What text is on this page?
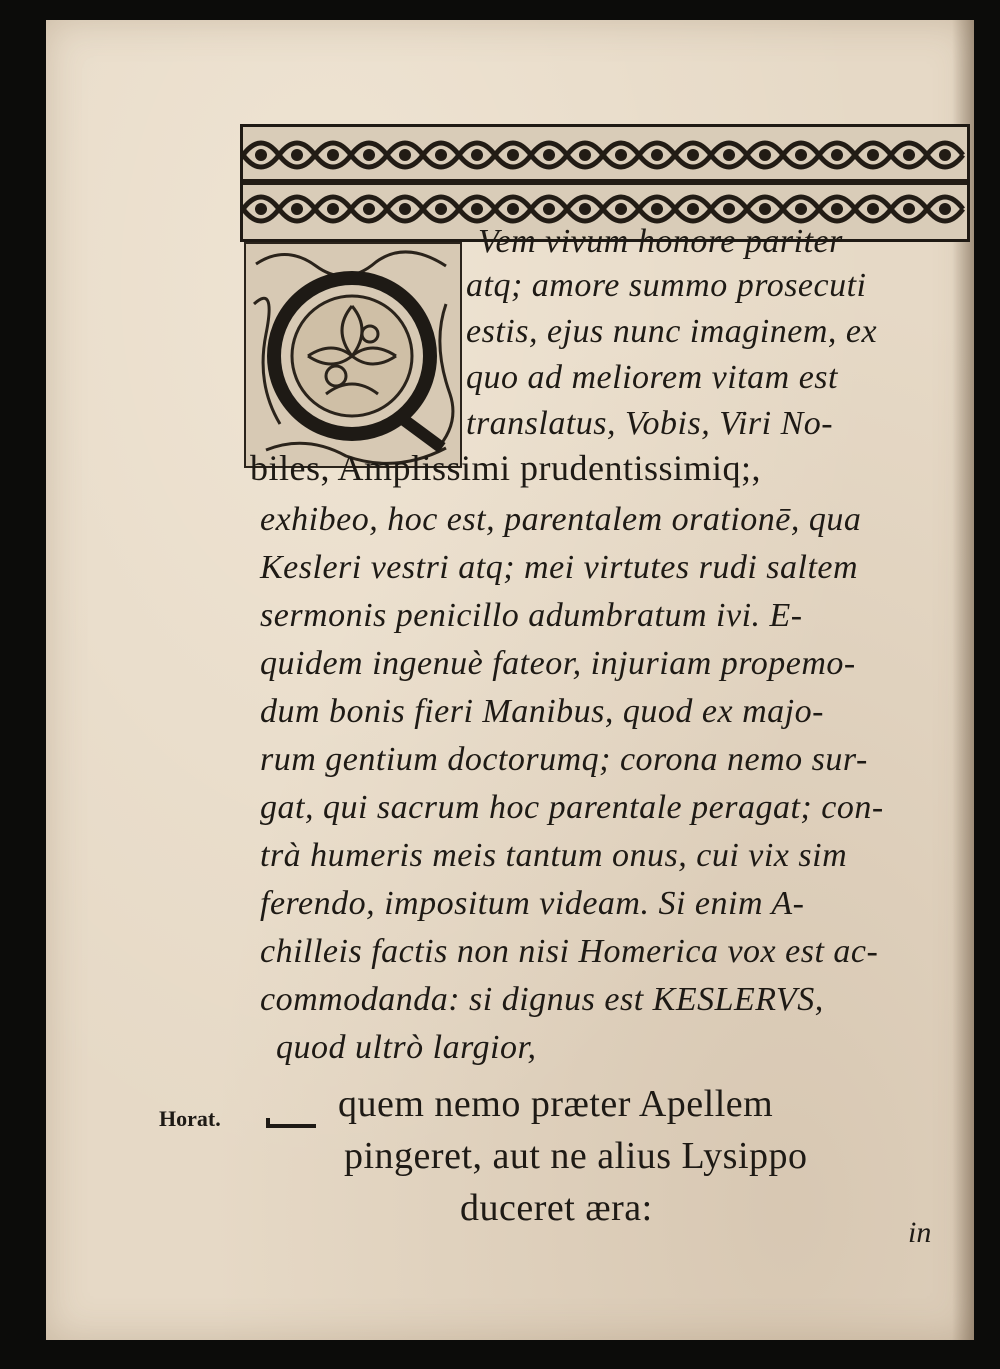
Vem vivum honore pariter
atq; amore summo prosecuti
estis, ejus nunc imaginem, ex
quo ad meliorem vitam est
translatus, Vobis, Viri No-
biles, Amplissimi prudentissimiq;,
exhibeo, hoc est, parentalem orationē, qua
Kesleri vestri atq; mei virtutes rudi saltem
sermonis penicillo adumbratum ivi. E-
quidem ingenuè fateor, injuriam propemo-
dum bonis fieri Manibus, quod ex majo-
rum gentium doctorumq; corona nemo sur-
gat, qui sacrum hoc parentale peragat; con-
trà humeris meis tantum onus, cui vix sim
ferendo, impositum videam. Si enim A-
chilleis factis non nisi Homerica vox est ac-
commodanda: si dignus est KESLERVS,
quod ultrò largior,
Horat.	quem nemo præter Apellem
pingeret, aut ne alius Lysippo
duceret æra:
in
